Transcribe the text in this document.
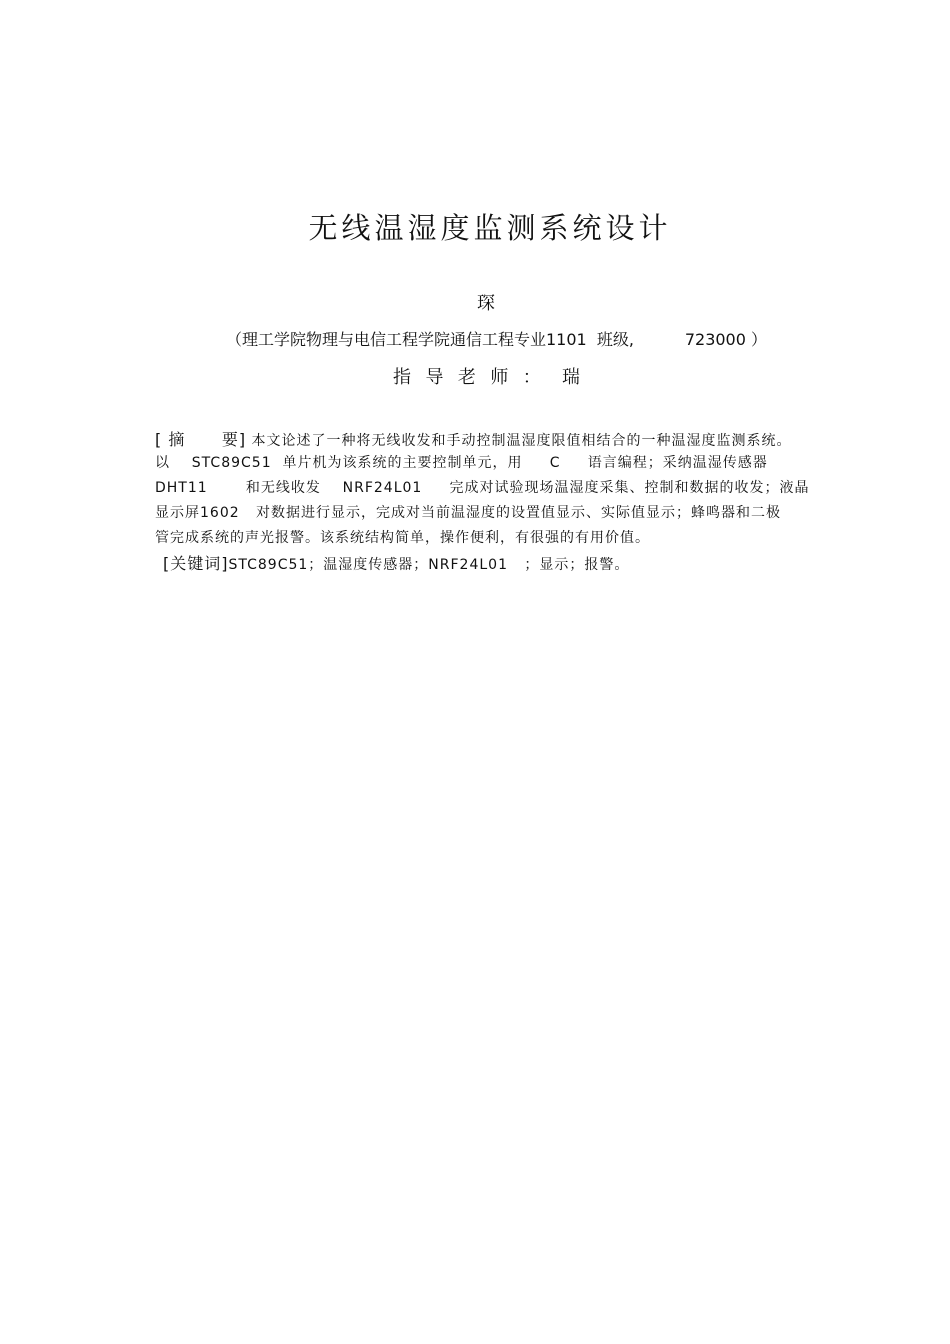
无线温湿度监测系统设计
琛
（理工学院物理与电信工程学院通信工程专业1101  班级,          723000 ）
指  导  老  师  ：   瑞
[ 摘      要] 本文论述了一种将无线收发和手动控制温湿度限值相结合的一种温湿度监测系统。
以    STC89C51  单片机为该系统的主要控制单元，用     C     语言编程；采纳温湿传感器
DHT11       和无线收发    NRF24L01     完成对试验现场温湿度采集、控制和数据的收发；液晶
显示屏1602   对数据进行显示，完成对当前温湿度的设置值显示、实际值显示；蜂鸣器和二极
管完成系统的声光报警。该系统结构简单，操作便利，有很强的有用价值。
[关键词]STC89C51；温湿度传感器；NRF24L01   ；显示；报警。
